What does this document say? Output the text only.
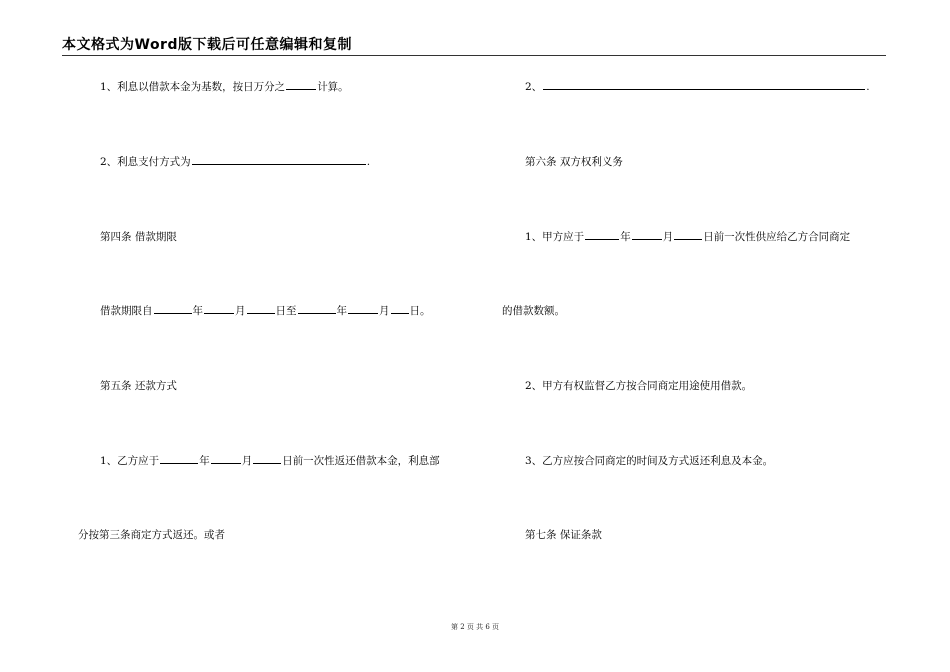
本文格式为Word版下载后可任意编辑和复制
1、利息以借款本金为基数，按日万分之	计算。
2、利息支付方式为	.
第四条 借款期限
借款期限自	年	月	日至	年	月 日。
第五条 还款方式
1、乙方应于	年	月	日前一次性返还借款本金，利息部
分按第三条商定方式返还。或者
2、	.
第六条 双方权利义务
1、甲方应于	年	月	日前一次性供应给乙方合同商定
的借款数额。
2、甲方有权监督乙方按合同商定用途使用借款。
3、乙方应按合同商定的时间及方式返还利息及本金。
第七条 保证条款
第 2 页 共 6 页
